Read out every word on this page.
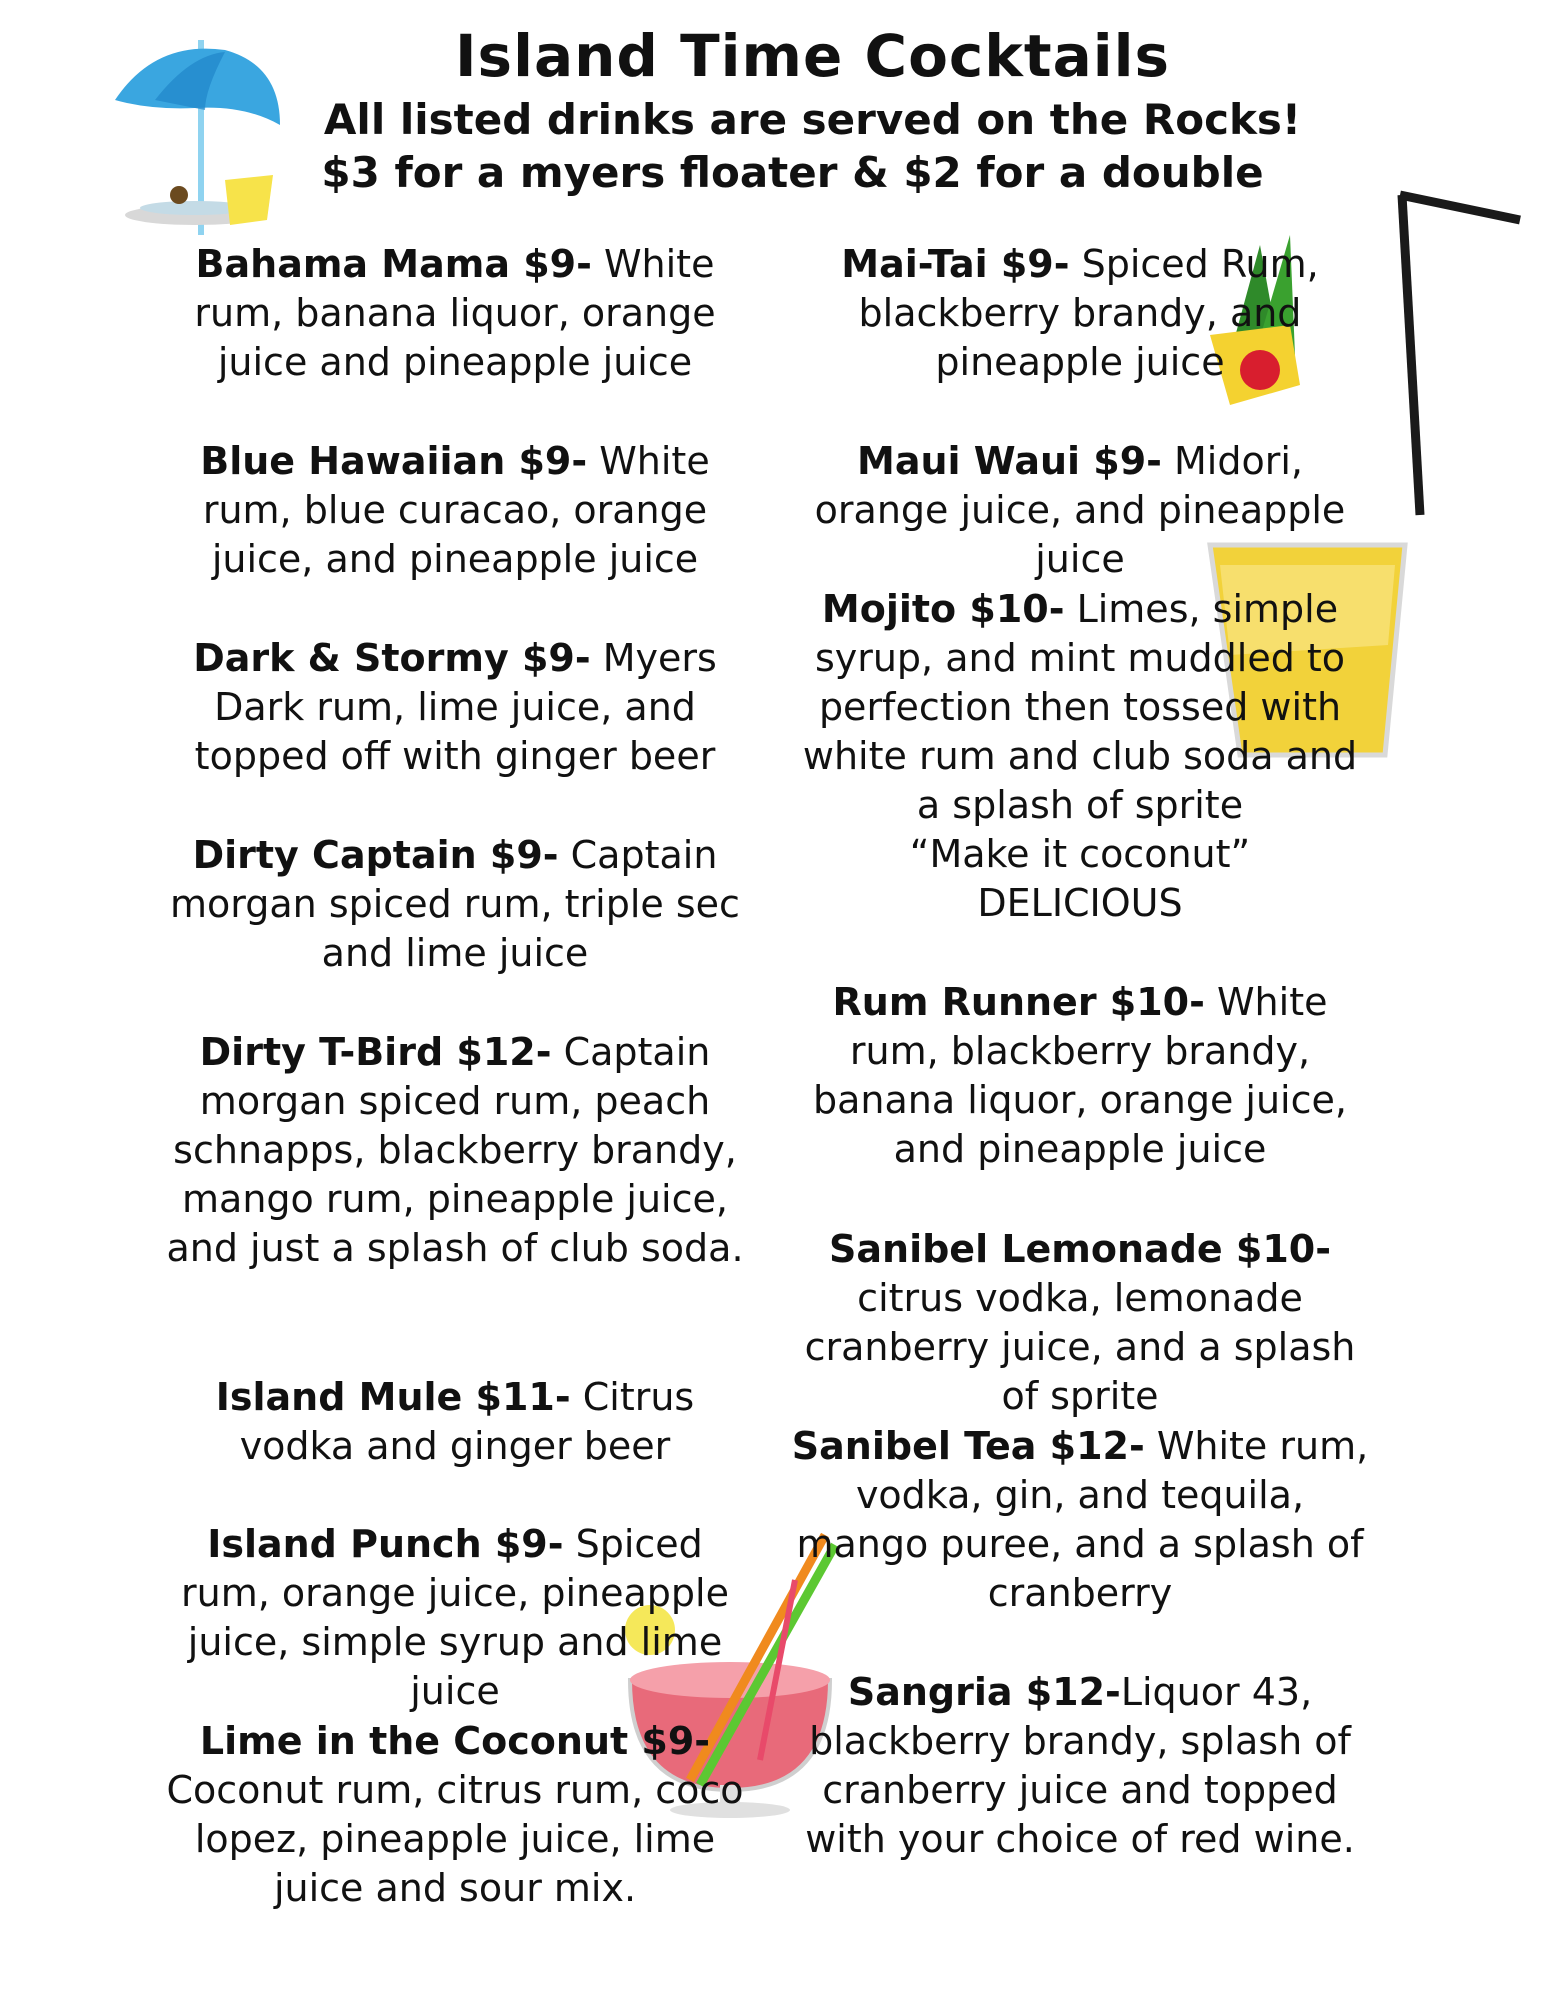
Island Time Cocktails
All listed drinks are served on the Rocks!
$3 for a myers floater & $2 for a double
Bahama Mama $9- White rum, banana liquor, orange juice and pineapple juice
Blue Hawaiian $9- White rum, blue curacao, orange juice, and pineapple juice
Dark & Stormy $9- Myers Dark rum, lime juice, and topped off with ginger beer
Dirty Captain $9- Captain morgan spiced rum, triple sec and lime juice
Dirty T-Bird $12- Captain morgan spiced rum, peach schnapps, blackberry brandy, mango rum, pineapple juice, and just a splash of club soda.
Island Mule $11- Citrus vodka and ginger beer
Island Punch $9- Spiced rum, orange juice, pineapple juice, simple syrup and lime juice
Lime in the Coconut $9- Coconut rum, citrus rum, coco lopez, pineapple juice, lime juice and sour mix.
Mai-Tai $9- Spiced Rum, blackberry brandy, and pineapple juice
Maui Waui $9- Midori, orange juice, and pineapple juice
Mojito $10- Limes, simple syrup, and mint muddled to perfection then tossed with white rum and club soda and a splash of sprite
“Make it coconut”
DELICIOUS
Rum Runner $10- White rum, blackberry brandy, banana liquor, orange juice, and pineapple juice
Sanibel Lemonade $10- citrus vodka, lemonade cranberry juice, and a splash of sprite
Sanibel Tea $12- White rum, vodka, gin, and tequila, mango puree, and a splash of cranberry
Sangria $12-Liquor 43, blackberry brandy, splash of cranberry juice and topped with your choice of red wine.
